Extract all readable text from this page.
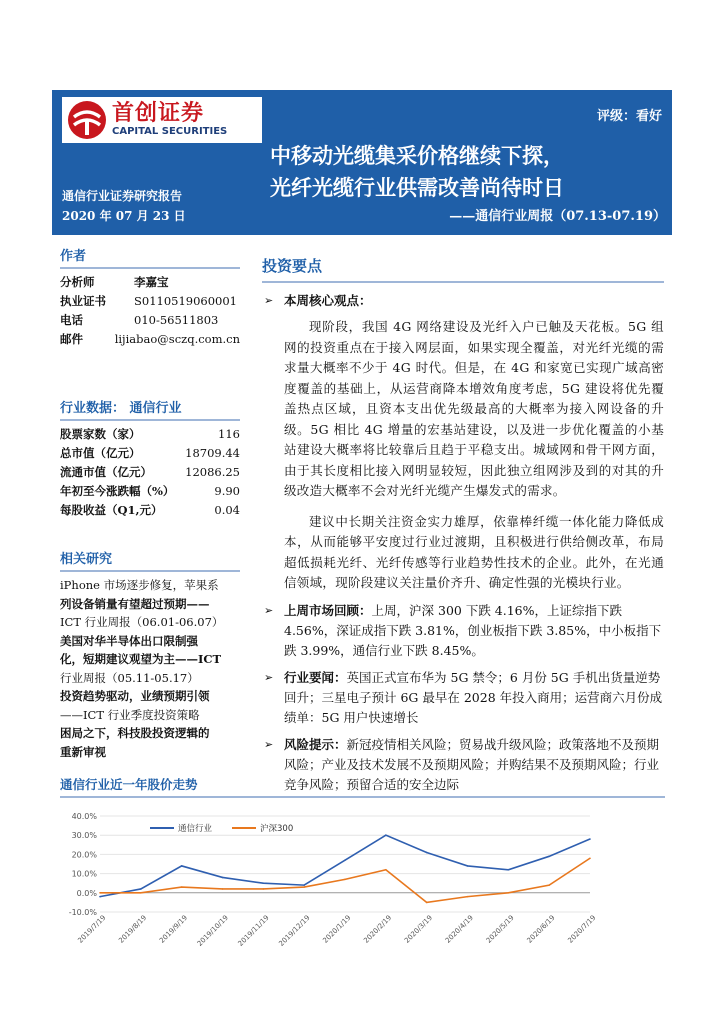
首创证券
CAPITAL SECURITIES
评级：看好
中移动光缆集采价格继续下探，
光纤光缆行业供需改善尚待时日
通信行业证券研究报告
2020 年 07 月 23 日	——通信行业周报（07.13-07.19）
作者
分析师	李嘉宝
执业证书	S0110519060001
电话	010-56511803
邮件	lijiabao@sczq.com.cn
行业数据： 通信行业
股票家数（家）	116
总市值（亿元）	18709.44
流通市值（亿元）	12086.25
年初至今涨跌幅（%）	9.90
每股收益（Q1,元）	0.04
相关研究
iPhone 市场逐步修复，苹果系
列设备销量有望超过预期——
ICT 行业周报（06.01-06.07）
美国对华半导体出口限制强
化，短期建议观望为主——ICT
行业周报（05.11-05.17）
投资趋势驱动，业绩预期引领
——ICT 行业季度投资策略
困局之下，科技股投资逻辑的
重新审视
投资要点
➢ 本周核心观点：

现阶段，我国 4G 网络建设及光纤入户已触及天花板。5G 组网的投资重点在于接入网层面，如果实现全覆盖，对光纤光缆的需求量大概率不少于 4G 时代。但是，在 4G 和家宽已实现广域高密度覆盖的基础上，从运营商降本增效角度考虑，5G 建设将优先覆盖热点区域，且资本支出优先级最高的大概率为接入网设备的升级。5G 相比 4G 增量的宏基站建设，以及进一步优化覆盖的小基站建设大概率将比较靠后且趋于平稳支出。城域网和骨干网方面，由于其长度相比接入网明显较短，因此独立组网涉及到的对其的升级改造大概率不会对光纤光缆产生爆发式的需求。

建议中长期关注资金实力雄厚，依靠棒纤缆一体化能力降低成本，从而能够平安度过行业过渡期，且积极进行供给侧改革，布局超低损耗光纤、光纤传感等行业趋势性技术的企业。此外，在光通信领域，现阶段建议关注量价齐升、确定性强的光模块行业。

➢ 上周市场回顾：上周，沪深 300 下跌 4.16%，上证综指下跌 4.56%，深证成指下跌 3.81%，创业板指下跌 3.85%，中小板指下跌 3.99%，通信行业下跌 8.45%。
➢ 行业要闻：英国正式宣布华为 5G 禁令；6 月份 5G 手机出货量逆势回升；三星电子预计 6G 最早在 2028 年投入商用；运营商六月份成绩单：5G 用户快速增长
➢ 风险提示：新冠疫情相关风险；贸易战升级风险；政策落地不及预期风险；产业及技术发展不及预期风险；并购结果不及预期风险；行业竞争风险；预留合适的安全边际
通信行业近一年股价走势
40.0%
30.0%
20.0%
10.0%
0.0%
-10.0%
2019/7/19 2019/8/19 2019/9/19 2019/10/19 2019/11/19 2019/12/19 2020/1/19 2020/2/19 2020/3/19 2020/4/19 2020/5/19 2020/6/19 2020/7/19
通信行业	沪深300
